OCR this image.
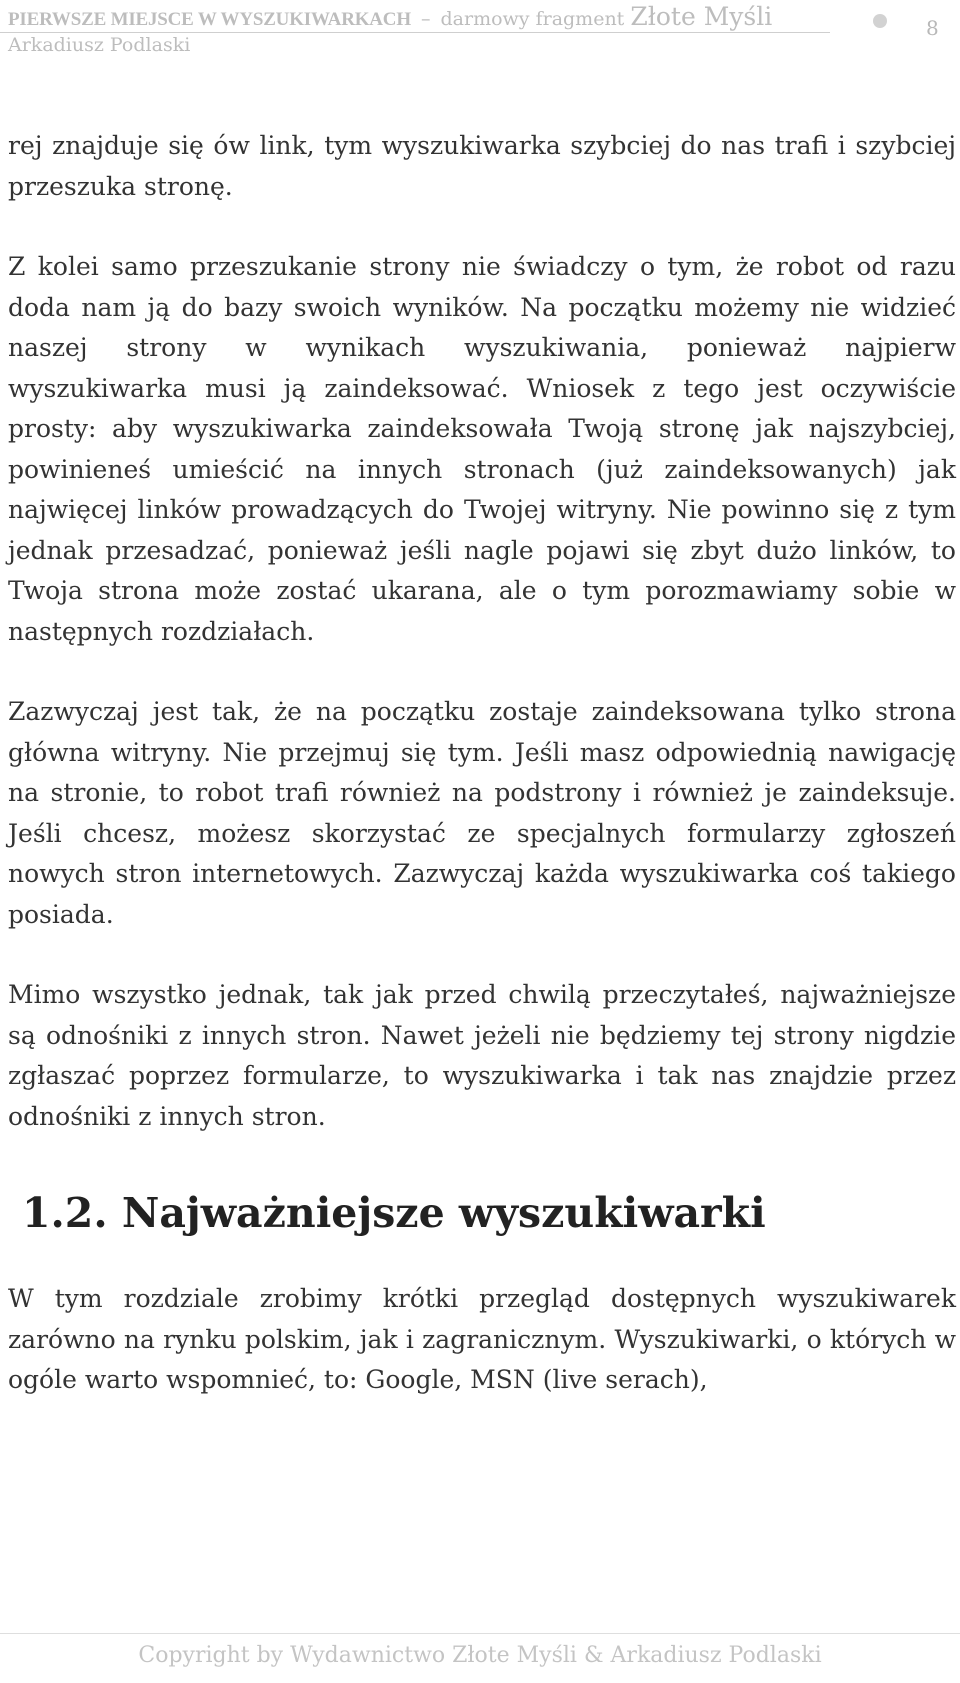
PIERWSZE MIEJSCE W WYSZUKIWARKACH – darmowy fragment Złote Myśli
Arkadiusz Podlaski
8

rej znajduje się ów link, tym wyszukiwarka szybciej do nas trafi i szybciej przeszuka stronę.

Z kolei samo przeszukanie strony nie świadczy o tym, że robot od razu doda nam ją do bazy swoich wyników. Na początku możemy nie widzieć naszej strony w wynikach wyszukiwania, ponieważ najpierw wyszukiwarka musi ją zaindeksować. Wniosek z tego jest oczywiście prosty: aby wyszukiwarka zaindeksowała Twoją stronę jak najszybciej, powinieneś umieścić na innych stronach (już zaindeksowanych) jak najwięcej linków prowadzących do Twojej witryny. Nie powinno się z tym jednak przesadzać, ponieważ jeśli nagle pojawi się zbyt dużo linków, to Twoja strona może zostać ukarana, ale o tym porozmawiamy sobie w następnych rozdziałach.

Zazwyczaj jest tak, że na początku zostaje zaindeksowana tylko strona główna witryny. Nie przejmuj się tym. Jeśli masz odpowiednią nawigację na stronie, to robot trafi również na podstrony i również je zaindeksuje. Jeśli chcesz, możesz skorzystać ze specjalnych formularzy zgłoszeń nowych stron internetowych. Zazwyczaj każda wyszukiwarka coś takiego posiada.

Mimo wszystko jednak, tak jak przed chwilą przeczytałeś, najważniejsze są odnośniki z innych stron. Nawet jeżeli nie będziemy tej strony nigdzie zgłaszać poprzez formularze, to wyszukiwarka i tak nas znajdzie przez odnośniki z innych stron.

1.2. Najważniejsze wyszukiwarki

W tym rozdziale zrobimy krótki przegląd dostępnych wyszukiwarek zarówno na rynku polskim, jak i zagranicznym. Wyszukiwarki, o których w ogóle warto wspomnieć, to: Google, MSN (live serach),

Copyright by Wydawnictwo Złote Myśli & Arkadiusz Podlaski
